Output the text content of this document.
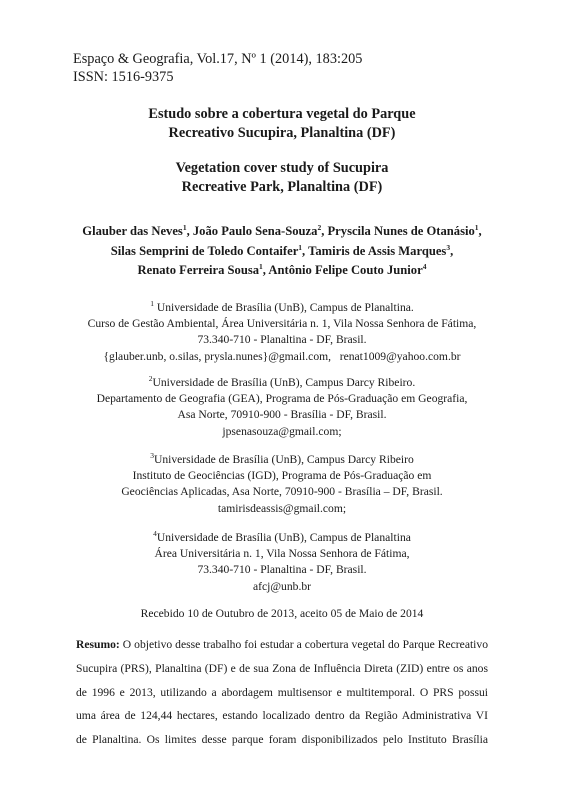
Espaço & Geografia, Vol.17, Nº 1 (2014), 183:205
ISSN: 1516-9375
Estudo sobre a cobertura vegetal do Parque
Recreativo Sucupira, Planaltina (DF)
Vegetation cover study of Sucupira
Recreative Park, Planaltina (DF)
Glauber das Neves$^1$, João Paulo Sena-Souza$^2$, Pryscila Nunes de Otanásio$^1$,
Silas Semprini de Toledo Contaifer$^1$, Tamiris de Assis Marques$^3$,
Renato Ferreira Sousa$^1$, Antônio Felipe Couto Junior$^4$
$^1$ Universidade de Brasília (UnB), Campus de Planaltina.
Curso de Gestão Ambiental, Área Universitária n. 1, Vila Nossa Senhora de Fátima,
73.340-710 - Planaltina - DF, Brasil.
{glauber.unb, o.silas, prysla.nunes}@gmail.com,   renat1009@yahoo.com.br
$^2$Universidade de Brasília (UnB), Campus Darcy Ribeiro.
Departamento de Geografia (GEA), Programa de Pós-Graduação em Geografia,
Asa Norte, 70910-900 - Brasília - DF, Brasil.
jpsenasouza@gmail.com;
$^3$Universidade de Brasília (UnB), Campus Darcy Ribeiro
Instituto de Geociências (IGD), Programa de Pós-Graduação em
Geociências Aplicadas, Asa Norte, 70910-900 - Brasília – DF, Brasil.
tamirisdeassis@gmail.com;
$^4$Universidade de Brasília (UnB), Campus de Planaltina
Área Universitária n. 1, Vila Nossa Senhora de Fátima,
73.340-710 - Planaltina - DF, Brasil.
afcj@unb.br
Recebido 10 de Outubro de 2013, aceito 05 de Maio de 2014
Resumo: O objetivo desse trabalho foi estudar a cobertura vegetal do Parque Recreativo
Sucupira (PRS), Planaltina (DF) e de sua Zona de Influência Direta (ZID) entre os anos
de 1996 e 2013, utilizando a abordagem multisensor e multitemporal. O PRS possui
uma área de 124,44 hectares, estando localizado dentro da Região Administrativa VI
de Planaltina. Os limites desse parque foram disponibilizados pelo Instituto Brasília
